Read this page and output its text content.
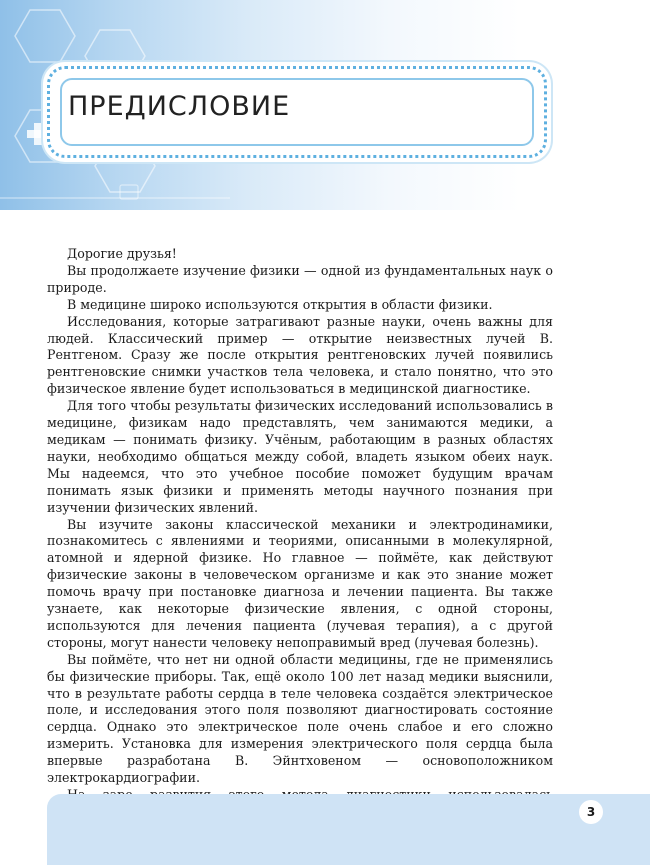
ПРЕДИСЛОВИЕ

Дорогие друзья!

Вы продолжаете изучение физики — одной из фундаментальных наук о природе.

В медицине широко используются открытия в области физики.

Исследования, которые затрагивают разные науки, очень важны для людей. Классический пример — открытие неизвестных лучей В. Рентгеном. Сразу же после открытия рентгеновских лучей появились рентгеновские снимки участков тела человека, и стало понятно, что это физическое явление будет использоваться в медицинской диагностике.

Для того чтобы результаты физических исследований использовались в медицине, физикам надо представлять, чем занимаются медики, а медикам — понимать физику. Учёным, работающим в разных областях науки, необходимо общаться между собой, владеть языком обеих наук. Мы надеемся, что это учебное пособие поможет будущим врачам понимать язык физики и применять методы научного познания при изучении физических явлений.

Вы изучите законы классической механики и электродинамики, познакомитесь с явлениями и теориями, описанными в молекулярной, атомной и ядерной физике. Но главное — поймёте, как действуют физические законы в человеческом организме и как это знание может помочь врачу при постановке диагноза и лечении пациента. Вы также узнаете, как некоторые физические явления, с одной стороны, используются для лечения пациента (лучевая терапия), а с другой стороны, могут нанести человеку непоправимый вред (лучевая болезнь).

Вы поймёте, что нет ни одной области медицины, где не применялись бы физические приборы. Так, ещё около 100 лет назад медики выяснили, что в результате работы сердца в теле человека создаётся электрическое поле, и исследования этого поля позволяют диагностировать состояние сердца. Однако это электрическое поле очень слабое и его сложно измерить. Установка для измерения электрического поля сердца была впервые разработана В. Эйнтховеном — основоположником электрокардиографии.

3
